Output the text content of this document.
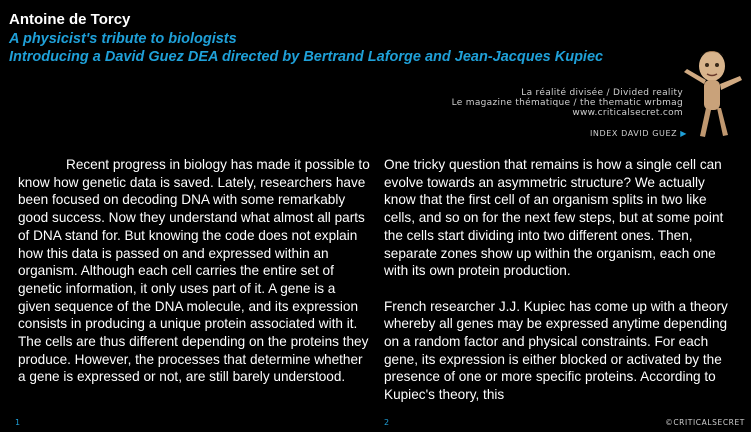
Antoine de Torcy
A physicist's tribute to biologists
Introducing a David Guez DEA directed by Bertrand Laforge and Jean-Jacques Kupiec
La réalité divisée / Divided reality
Le magazine thématique / the thematic wrbmag
www.criticalsecret.com
INDEX DAVID GUEZ ▶

Recent progress in biology has made it possible to know how genetic data is saved. Lately, researchers have been focused on decoding DNA with some remarkably good success. Now they understand what almost all parts of DNA stand for. But knowing the code does not explain how this data is passed on and expressed within an organism. Although each cell carries the entire set of genetic information, it only uses part of it. A gene is a given sequence of the DNA molecule, and its expression consists in producing a unique protein associated with it. The cells are thus different depending on the proteins they produce. However, the processes that determine whether a gene is expressed or not, are still barely understood.

One tricky question that remains is how a single cell can evolve towards an asymmetric structure? We actually know that the first cell of an organism splits in two like cells, and so on for the next few steps, but at some point the cells start dividing into two different ones. Then, separate zones show up within the organism, each one with its own protein production.

French researcher J.J. Kupiec has come up with a theory whereby all genes may be expressed anytime depending on a random factor and physical constraints. For each gene, its expression is either blocked or activated by the presence of one or more specific proteins. According to Kupiec's theory, this

1	2	©CRITICALSECRET
